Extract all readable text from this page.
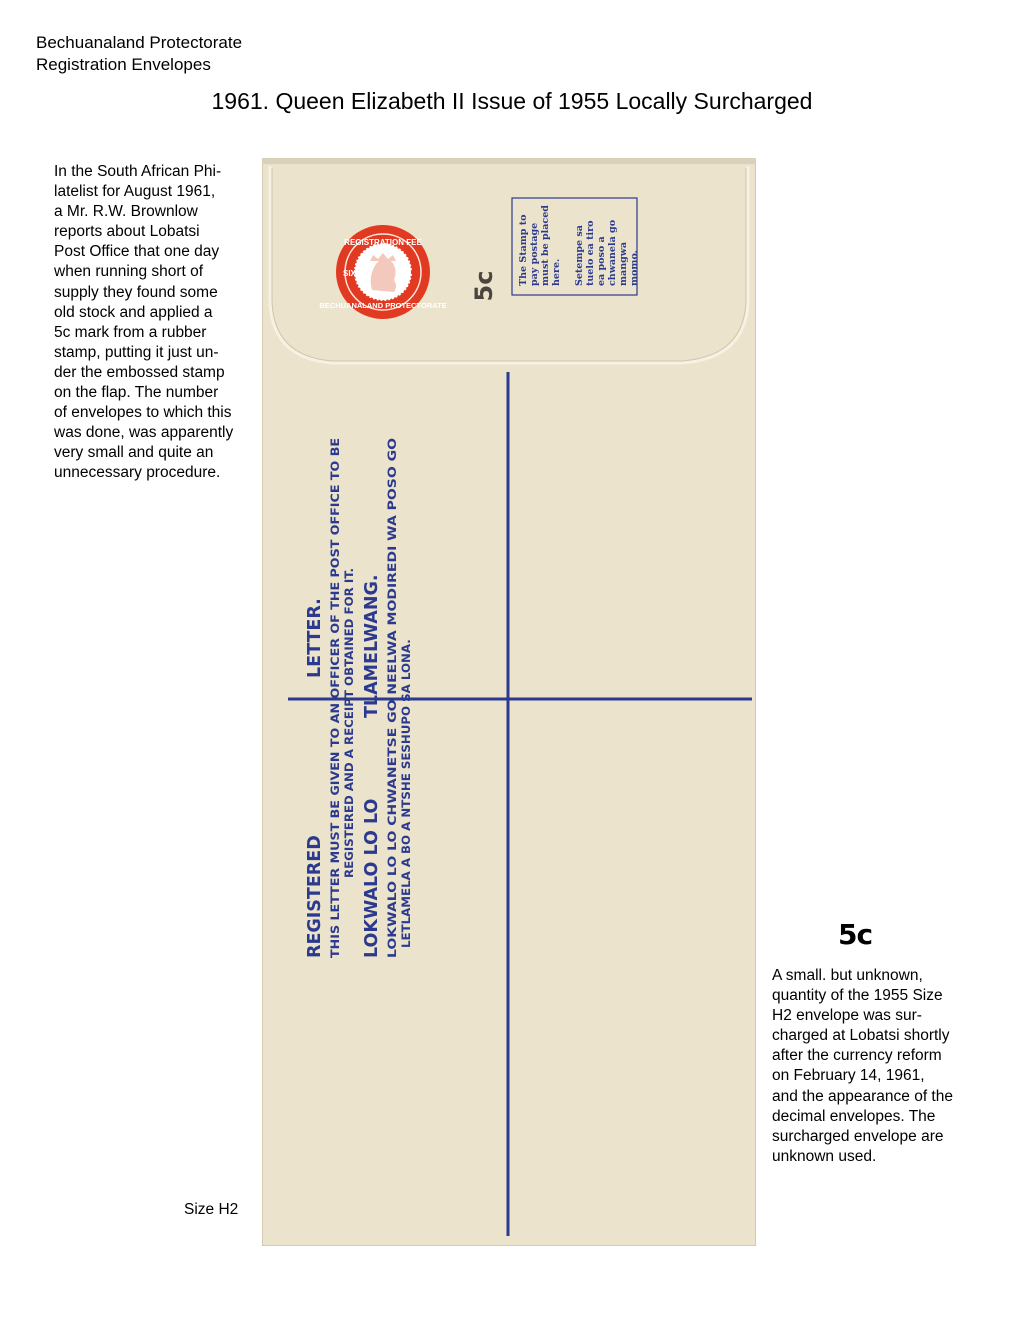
Bechuanaland Protectorate
Registration Envelopes
1961. Queen Elizabeth II Issue of 1955 Locally Surcharged
In the South African Phi-
latelist for August 1961,
a Mr. R.W. Brownlow
reports about Lobatsi
Post Office that one day
when running short of
supply they found some
old stock and applied a
5c mark from a rubber
stamp, putting it just un-
der the embossed stamp
on the flap. The number
of envelopes to which this
was done, was apparently
very small and quite an
unnecessary procedure.
Size H2
5c
A small. but unknown,
quantity of the 1955 Size
H2 envelope was sur-
charged at Lobatsi shortly
after the currency reform
on February 14, 1961,
and the appearance of the
decimal envelopes. The
surcharged envelope are
unknown used.
REGISTRATION FEE
BECHUANALAND PROTECTORATE
SIX	5c The Stamp to pay postage must be placed here. Setempe sa tuelo ea tiro ea poso a chwanela go mangwa momo.
REGISTERED
LETTER. THIS LETTER MUST BE GIVEN TO AN OFFICER OF THE POST OFFICE TO BE REGISTERED AND A RECEIPT OBTAINED FOR IT.
LOKWALO LO LO
TLAMELWANG. LOKWALO LO LO CHWANETSE GO NEELWA MODIREDI WA POSO GO LETLAMELA A BO A NTSHE SESHUPO SA LONA.
